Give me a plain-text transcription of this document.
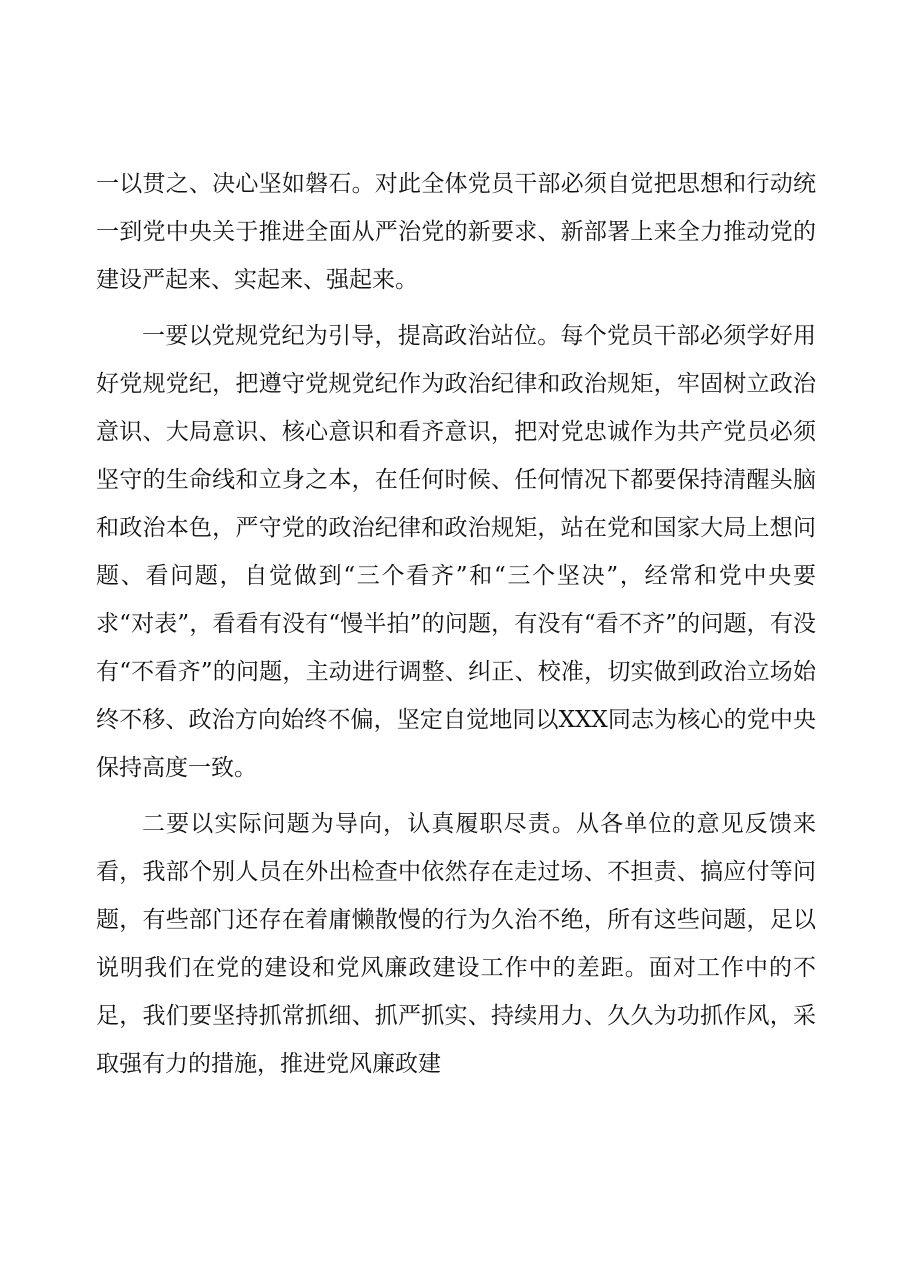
一以贯之、决心坚如磐石。对此全体党员干部必须自觉把思想和行动统一到党中央关于推进全面从严治党的新要求、新部署上来全力推动党的建设严起来、实起来、强起来。

一要以党规党纪为引导，提高政治站位。每个党员干部必须学好用好党规党纪，把遵守党规党纪作为政治纪律和政治规矩，牢固树立政治意识、大局意识、核心意识和看齐意识，把对党忠诚作为共产党员必须坚守的生命线和立身之本，在任何时候、任何情况下都要保持清醒头脑和政治本色，严守党的政治纪律和政治规矩，站在党和国家大局上想问题、看问题，自觉做到“三个看齐”和“三个坚决”，经常和党中央要求“对表”，看看有没有“慢半拍”的问题，有没有“看不齐”的问题，有没有“不看齐”的问题，主动进行调整、纠正、校准，切实做到政治立场始终不移、政治方向始终不偏，坚定自觉地同以XXX同志为核心的党中央保持高度一致。

二要以实际问题为导向，认真履职尽责。从各单位的意见反馈来看，我部个别人员在外出检查中依然存在走过场、不担责、搞应付等问题，有些部门还存在着庸懒散慢的行为久治不绝，所有这些问题，足以说明我们在党的建设和党风廉政建设工作中的差距。面对工作中的不足，我们要坚持抓常抓细、抓严抓实、持续用力、久久为功抓作风，采取强有力的措施，推进党风廉政建
